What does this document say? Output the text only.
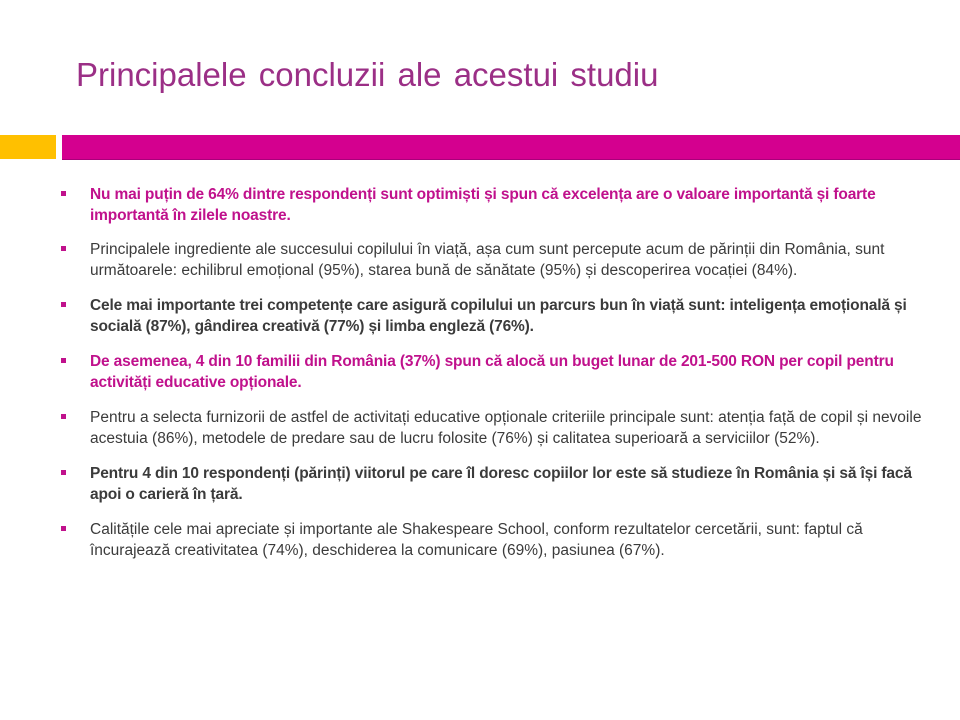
Principalele concluzii ale acestui studiu
Nu mai puțin de 64% dintre respondenți sunt optimiști și spun că excelența are o valoare importantă și foarte importantă în zilele noastre.
Principalele ingrediente ale succesului copilului în viață, așa cum sunt percepute acum de părinții din România, sunt următoarele: echilibrul emoțional (95%), starea bună de sănătate (95%) și descoperirea vocației (84%).
Cele mai importante trei competențe care asigură copilului un parcurs bun în viață sunt: inteligența emoțională și socială (87%), gândirea creativă (77%) și limba engleză (76%).
De asemenea, 4 din 10 familii din România (37%) spun că alocă un buget lunar de 201-500 RON per copil pentru activități educative opționale.
Pentru a selecta furnizorii de astfel de activitați educative opționale criteriile principale sunt: atenția față de copil și nevoile acestuia (86%), metodele de predare sau de lucru folosite (76%) și calitatea superioară a serviciilor (52%).
Pentru 4 din 10 respondenți (părinți) viitorul pe care îl doresc copiilor lor este să studieze în România și să își facă apoi o carieră în țară.
Calitățile cele mai apreciate și importante ale Shakespeare School, conform rezultatelor cercetării, sunt: faptul că încurajează creativitatea (74%), deschiderea la comunicare (69%), pasiunea (67%).
